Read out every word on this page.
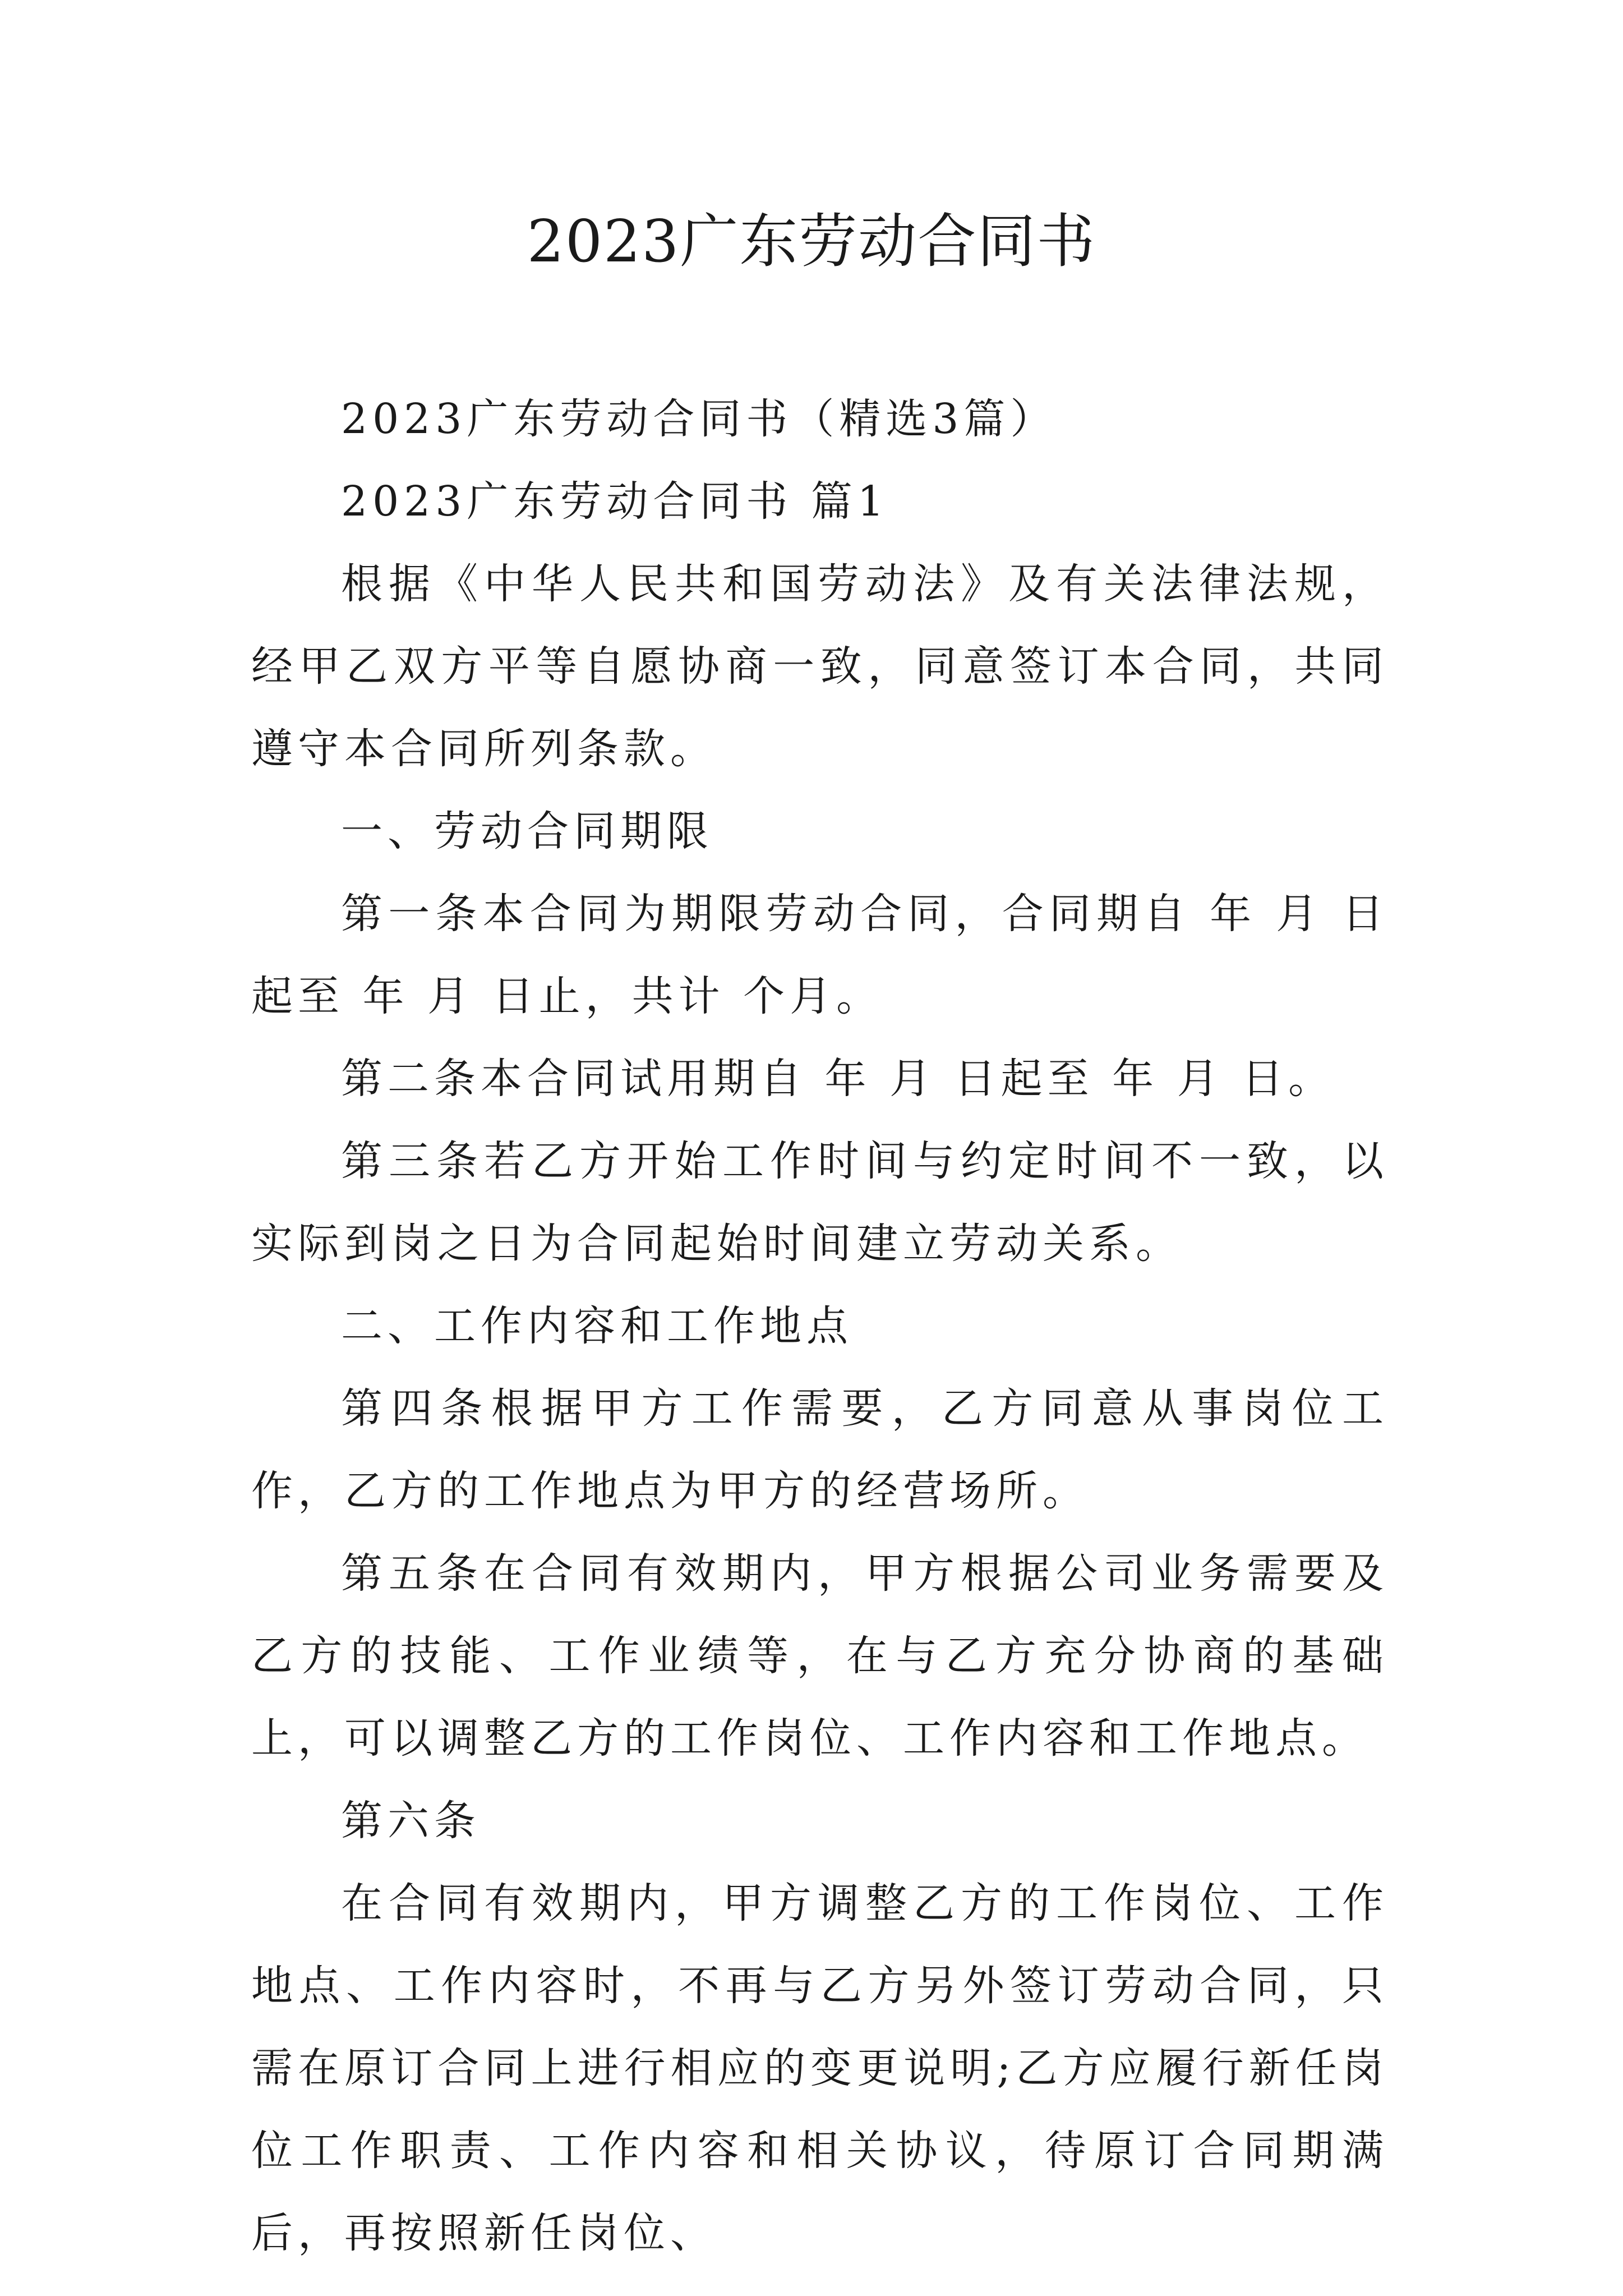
2023广东劳动合同书

2023广东劳动合同书（精选3篇）

2023广东劳动合同书 篇1

根据《中华人民共和国劳动法》及有关法律法规，经甲乙双方平等自愿协商一致，同意签订本合同，共同遵守本合同所列条款。

一、劳动合同期限

第一条本合同为期限劳动合同，合同期自 年 月 日起至 年 月 日止，共计 个月。

第二条本合同试用期自 年 月 日起至 年 月 日。

第三条若乙方开始工作时间与约定时间不一致，以实际到岗之日为合同起始时间建立劳动关系。

二、工作内容和工作地点

第四条根据甲方工作需要，乙方同意从事岗位工作，乙方的工作地点为甲方的经营场所。

第五条在合同有效期内，甲方根据公司业务需要及乙方的技能、工作业绩等，在与乙方充分协商的基础上，可以调整乙方的工作岗位、工作内容和工作地点。

第六条

在合同有效期内，甲方调整乙方的工作岗位、工作地点、工作内容时，不再与乙方另外签订劳动合同，只需在原订合同上进行相应的变更说明;乙方应履行新任岗位工作职责、工作内容和相关协议，待原订合同期满后，再按照新任岗位、
